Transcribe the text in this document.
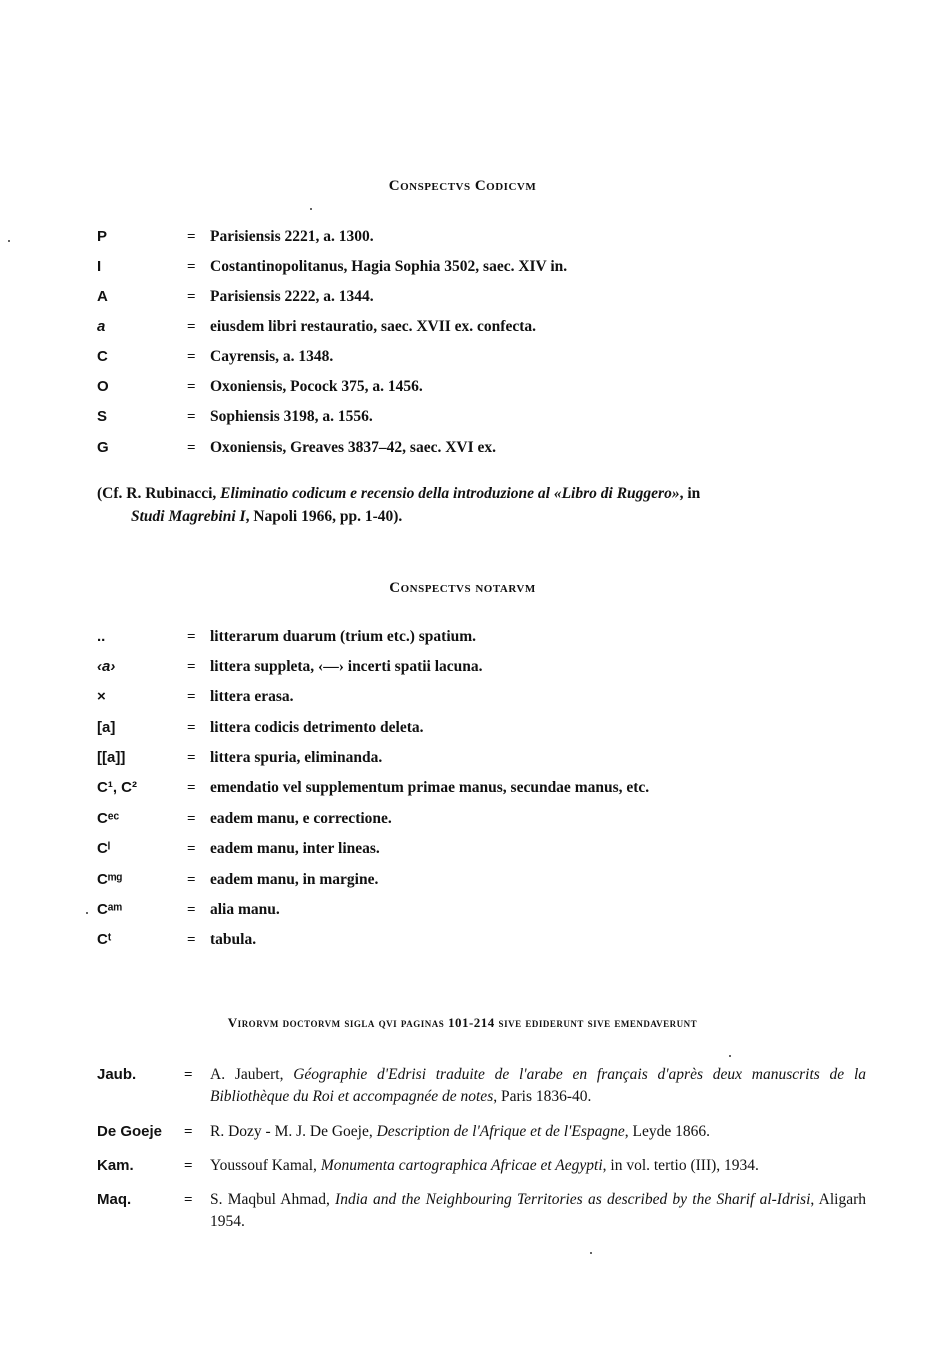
Conspectvs Codicvm
P	= Parisiensis 2221, a. 1300.
I	= Costantinopolitanus, Hagia Sophia 3502, saec. XIV in.
A	= Parisiensis 2222, a. 1344.
a	= eiusdem libri restauratio, saec. XVII ex. confecta.
C	= Cayrensis, a. 1348.
O	= Oxoniensis, Pocock 375, a. 1456.
S	= Sophiensis 3198, a. 1556.
G	= Oxoniensis, Greaves 3837–42, saec. XVI ex.
(Cf. R. Rubinacci, Eliminatio codicum e recensio della introduzione al «Libro di Ruggero», in
Studi Magrebini I, Napoli 1966, pp. 1-40).
Conspectvs notarvm
..	= litterarum duarum (trium etc.) spatium.
‹a›	= littera suppleta, ‹—› incerti spatii lacuna.
×	= littera erasa.
[a]	= littera codicis detrimento deleta.
[[a]]	= littera spuria, eliminanda.
C¹, C²	= emendatio vel supplementum primae manus, secundae manus, etc.
Cᵉᶜ	= eadem manu, e correctione.
Cˡ	= eadem manu, inter lineas.
Cᵐᵍ	= eadem manu, in margine.
Cᵃᵐ	= alia manu.
Cᵗ	= tabula.
Virorvm doctorvm sigla qvi paginas 101-214 sive ediderunt sive emendaverunt
Jaub.	=	A. Jaubert, Géographie d'Edrisi traduite de l'arabe en français d'après deux manuscrits de la Bibliothèque du Roi et accompagnée de notes, Paris 1836-40.
De Goeje	=	R. Dozy - M. J. De Goeje, Description de l'Afrique et de l'Espagne, Leyde 1866.
Kam.	=	Youssouf Kamal, Monumenta cartographica Africae et Aegypti, in vol. tertio (III), 1934.
Maq.	=	S. Maqbul Ahmad, India and the Neighbouring Territories as described by the Sharif al-Idrisi, Aligarh 1954.
